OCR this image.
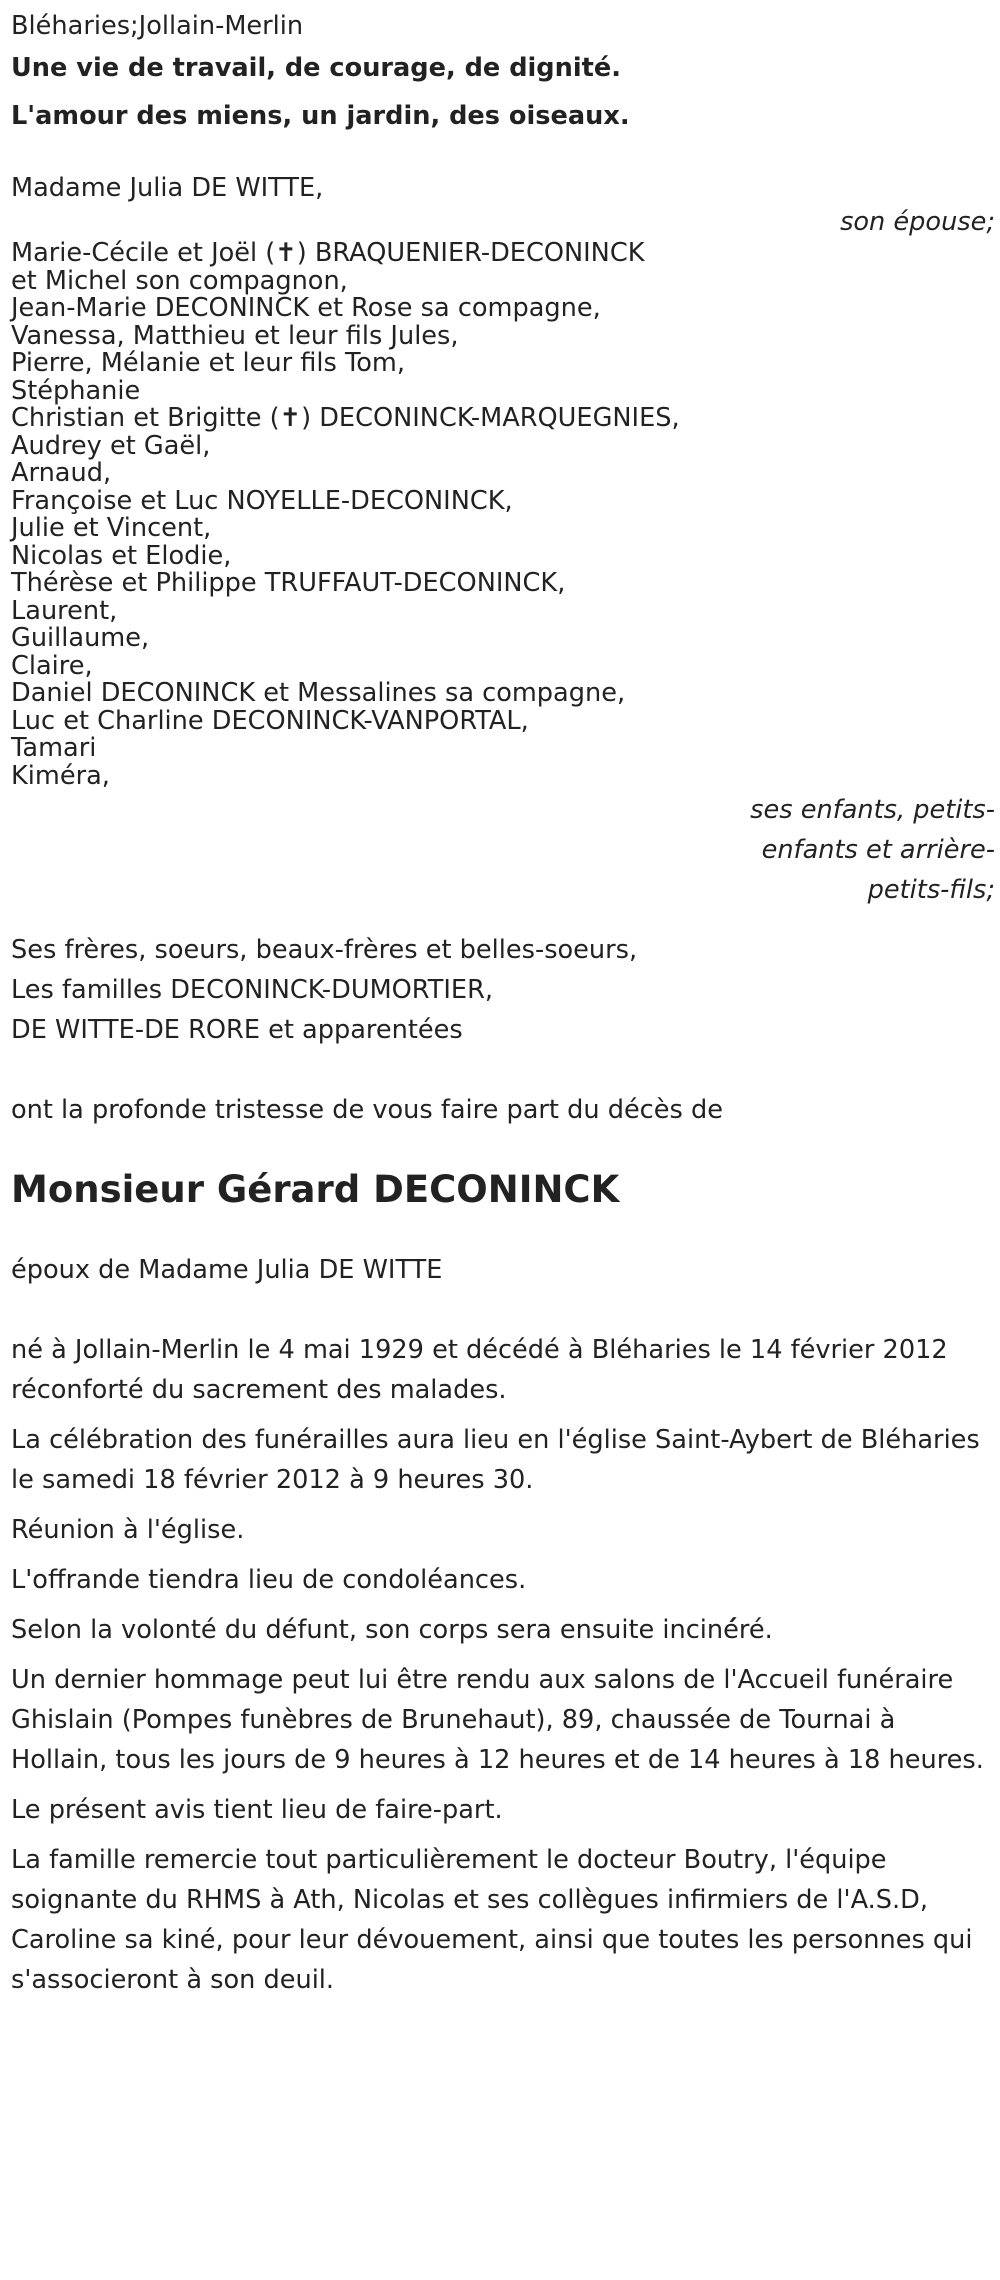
Bléharies;Jollain-Merlin
Une vie de travail, de courage, de dignité.
L'amour des miens, un jardin, des oiseaux.
Madame Julia DE WITTE,
son épouse;
Marie-Cécile et Joël (✝) BRAQUENIER-DECONINCK
et Michel son compagnon,
Jean-Marie DECONINCK et Rose sa compagne,
Vanessa, Matthieu et leur fils Jules,
Pierre, Mélanie et leur fils Tom,
Stéphanie
Christian et Brigitte (✝) DECONINCK-MARQUEGNIES,
Audrey et Gaël,
Arnaud,
Françoise et Luc NOYELLE-DECONINCK,
Julie et Vincent,
Nicolas et Elodie,
Thérèse et Philippe TRUFFAUT-DECONINCK,
Laurent,
Guillaume,
Claire,
Daniel DECONINCK et Messalines sa compagne,
Luc et Charline DECONINCK-VANPORTAL,
Tamari
Kiméra,
ses enfants, petits-
enfants et arrière-
petits-fils;
Ses frères, soeurs, beaux-frères et belles-soeurs,
Les familles DECONINCK-DUMORTIER,
DE WITTE-DE RORE et apparentées
ont la profonde tristesse de vous faire part du décès de
Monsieur Gérard DECONINCK
époux de Madame Julia DE WITTE
né à Jollain-Merlin le 4 mai 1929 et décédé à Bléharies le 14 février 2012 réconforté du sacrement des malades.
La célébration des funérailles aura lieu en l'église Saint-Aybert de Bléharies le samedi 18 février 2012 à 9 heures 30.
Réunion à l'église.
L'offrande tiendra lieu de condoléances.
Selon la volonté du défunt, son corps sera ensuite inciné́ré.
Un dernier hommage peut lui être rendu aux salons de l'Accueil funéraire Ghislain (Pompes funèbres de Brunehaut), 89, chaussée de Tournai à Hollain, tous les jours de 9 heures à 12 heures et de 14 heures à 18 heures.
Le présent avis tient lieu de faire-part.
La famille remercie tout particulièrement le docteur Boutry, l'équipe soignante du RHMS à Ath, Nicolas et ses collègues infirmiers de l'A.S.D, Caroline sa kiné, pour leur dévouement, ainsi que toutes les personnes qui s'associeront à son deuil.
